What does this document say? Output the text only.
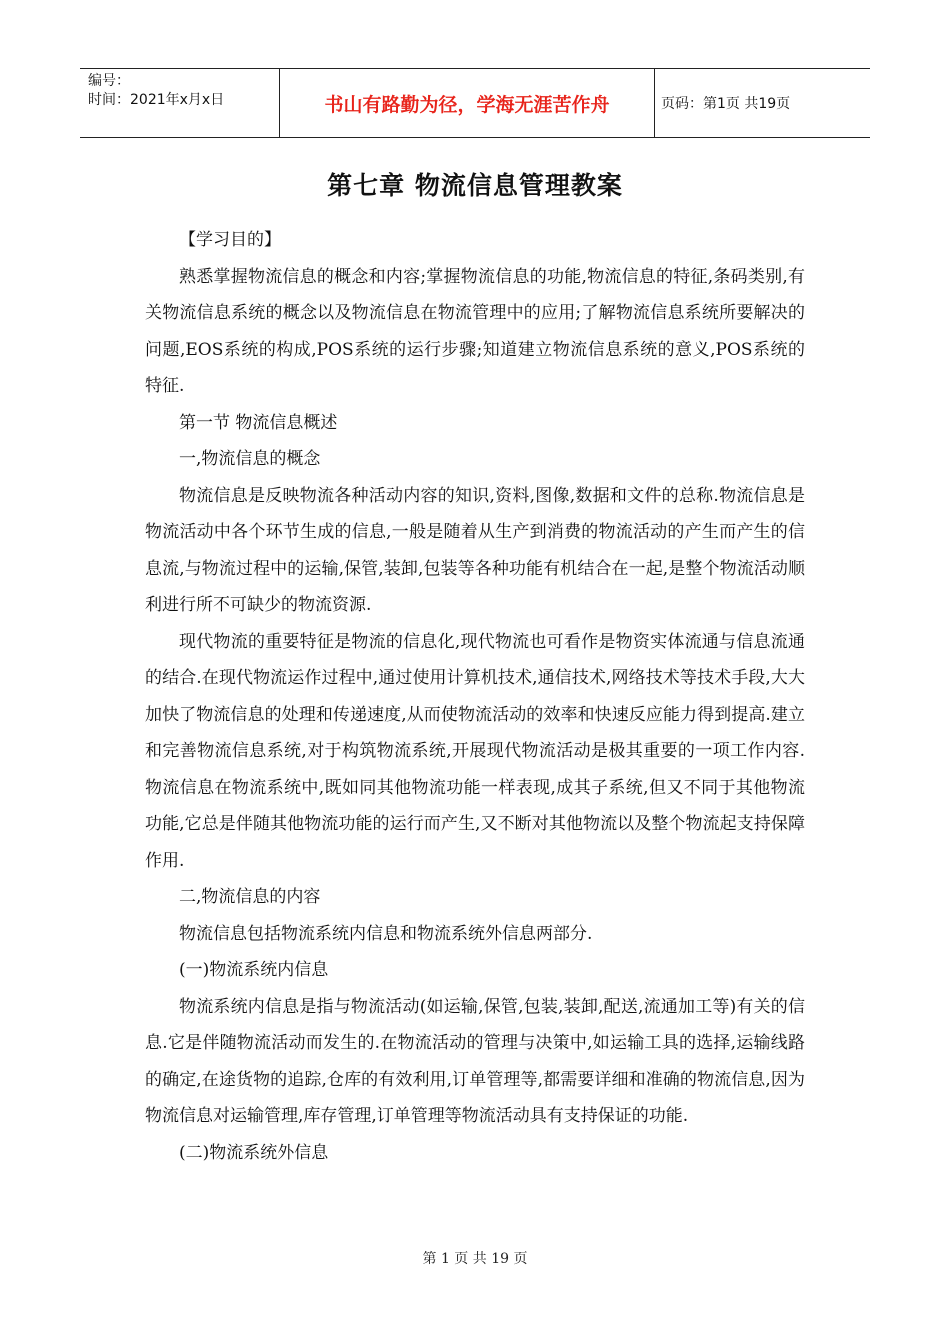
编号：
时间：2021年x月x日	书山有路勤为径，学海无涯苦作舟	页码：第1页 共19页
第七章 物流信息管理教案

【学习目的】

熟悉掌握物流信息的概念和内容;掌握物流信息的功能,物流信息的特征,条码类别,有关物流信息系统的概念以及物流信息在物流管理中的应用;了解物流信息系统所要解决的问题,EOS系统的构成,POS系统的运行步骤;知道建立物流信息系统的意义,POS系统的特征.

第一节 物流信息概述

一,物流信息的概念

物流信息是反映物流各种活动内容的知识,资料,图像,数据和文件的总称.物流信息是物流活动中各个环节生成的信息,一般是随着从生产到消费的物流活动的产生而产生的信息流,与物流过程中的运输,保管,装卸,包装等各种功能有机结合在一起,是整个物流活动顺利进行所不可缺少的物流资源.

现代物流的重要特征是物流的信息化,现代物流也可看作是物资实体流通与信息流通的结合.在现代物流运作过程中,通过使用计算机技术,通信技术,网络技术等技术手段,大大加快了物流信息的处理和传递速度,从而使物流活动的效率和快速反应能力得到提高.建立和完善物流信息系统,对于构筑物流系统,开展现代物流活动是极其重要的一项工作内容.物流信息在物流系统中,既如同其他物流功能一样表现,成其子系统,但又不同于其他物流功能,它总是伴随其他物流功能的运行而产生,又不断对其他物流以及整个物流起支持保障作用.

二,物流信息的内容

物流信息包括物流系统内信息和物流系统外信息两部分.

(一)物流系统内信息

物流系统内信息是指与物流活动(如运输,保管,包装,装卸,配送,流通加工等)有关的信息.它是伴随物流活动而发生的.在物流活动的管理与决策中,如运输工具的选择,运输线路的确定,在途货物的追踪,仓库的有效利用,订单管理等,都需要详细和准确的物流信息,因为物流信息对运输管理,库存管理,订单管理等物流活动具有支持保证的功能.

(二)物流系统外信息

第 1 页 共 19 页
